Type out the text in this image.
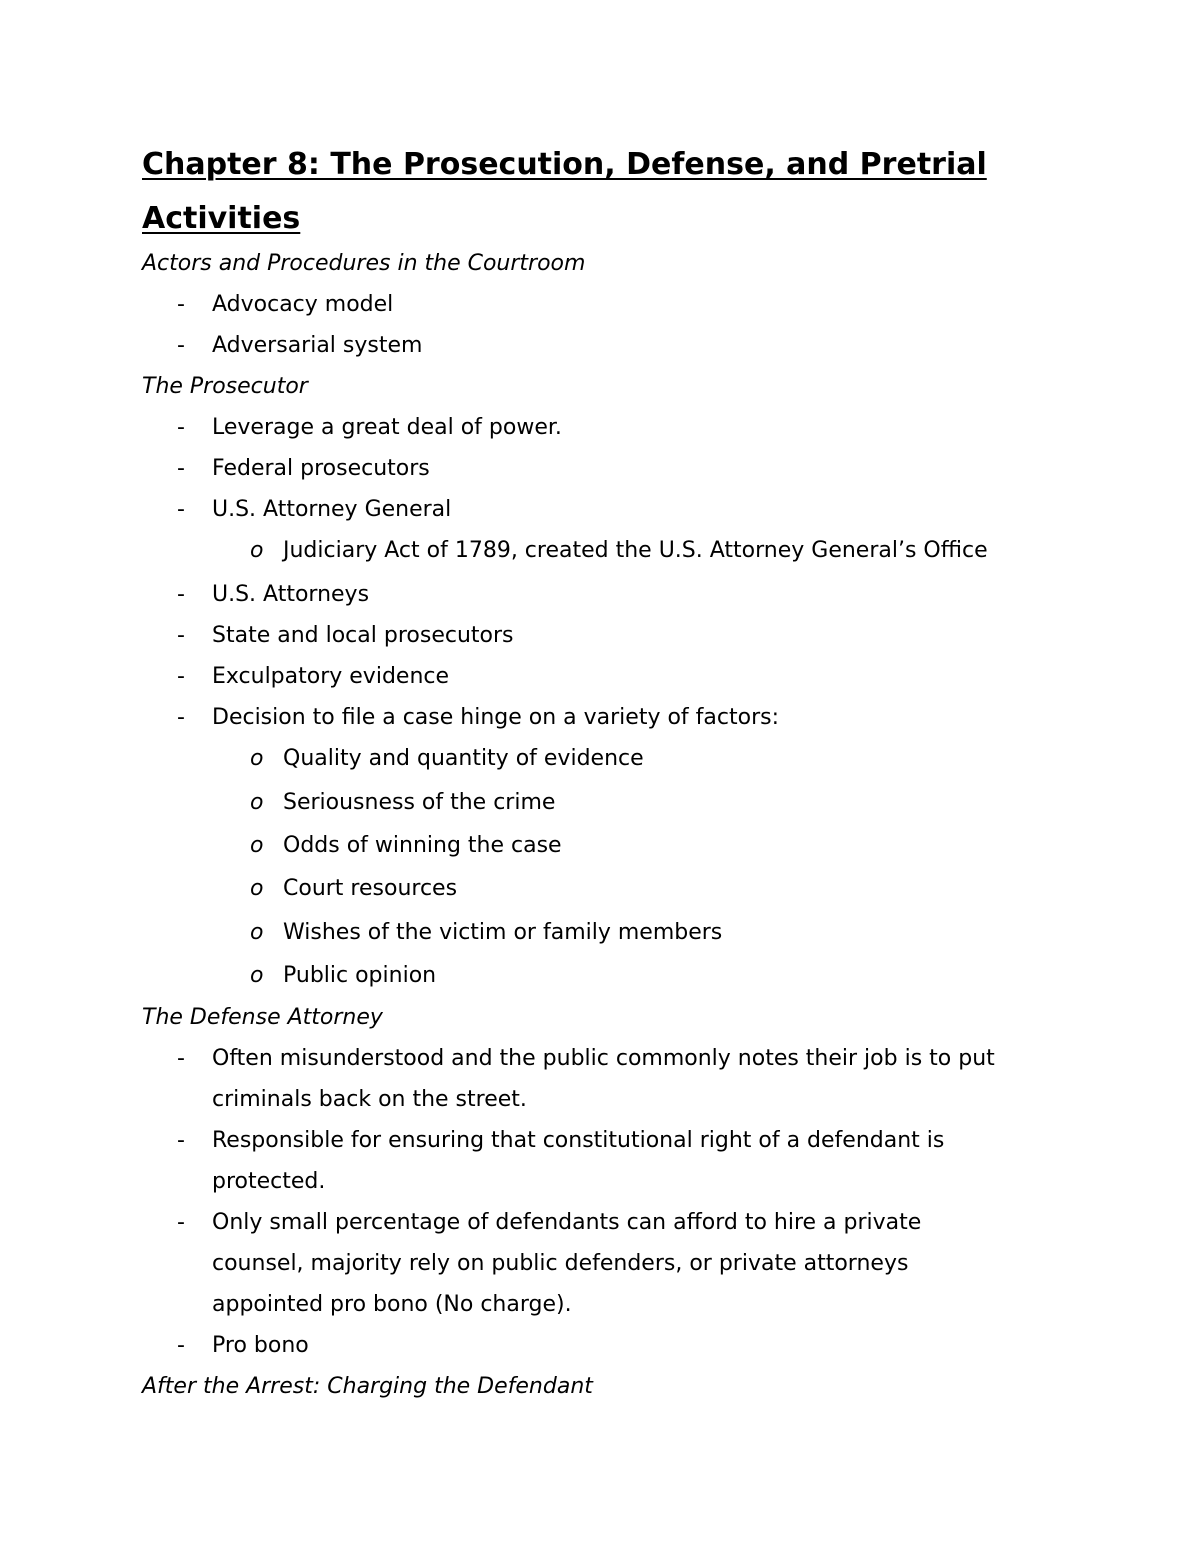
Chapter 8: The Prosecution, Defense, and Pretrial Activities
Actors and Procedures in the Courtroom
- Advocacy model
- Adversarial system
The Prosecutor
- Leverage a great deal of power.
- Federal prosecutors
- U.S. Attorney General
o Judiciary Act of 1789, created the U.S. Attorney General’s Office
- U.S. Attorneys
- State and local prosecutors
- Exculpatory evidence
- Decision to file a case hinge on a variety of factors:
o Quality and quantity of evidence
o Seriousness of the crime
o Odds of winning the case
o Court resources
o Wishes of the victim or family members
o Public opinion
The Defense Attorney
- Often misunderstood and the public commonly notes their job is to put
criminals back on the street.
- Responsible for ensuring that constitutional right of a defendant is
protected.
- Only small percentage of defendants can afford to hire a private
counsel, majority rely on public defenders, or private attorneys
appointed pro bono (No charge).
- Pro bono
After the Arrest: Charging the Defendant
